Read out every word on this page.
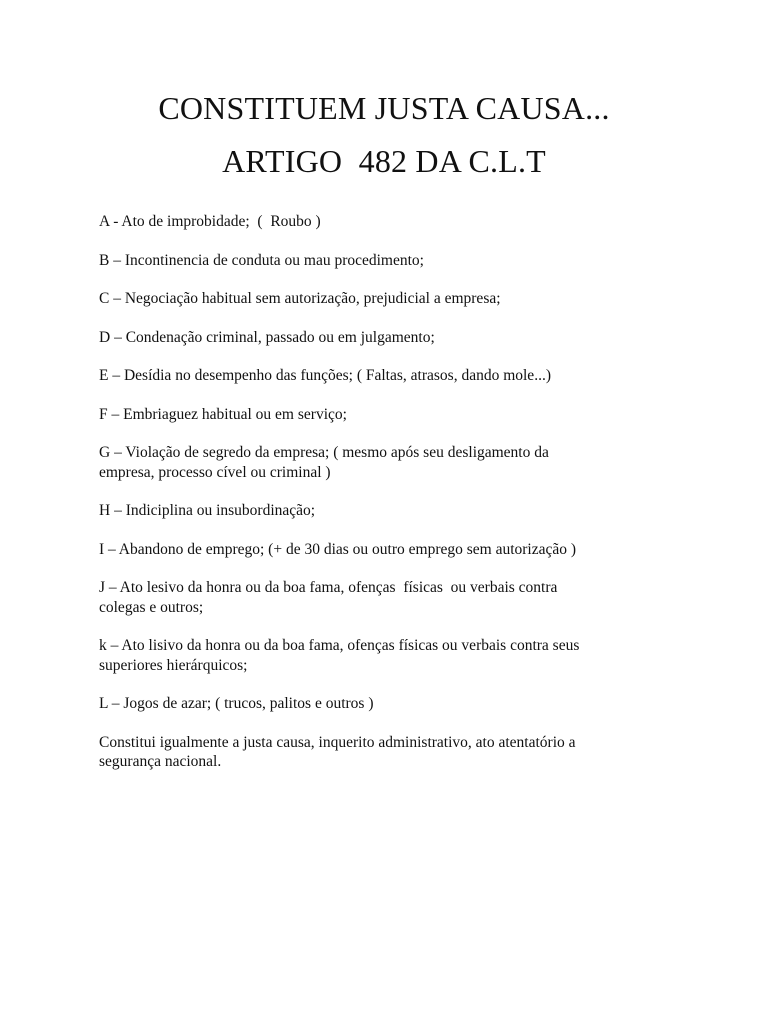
CONSTITUEM JUSTA CAUSA...
ARTIGO  482 DA C.L.T
A - Ato de improbidade;  (  Roubo )
B – Incontinencia de conduta ou mau procedimento;
C – Negociação habitual sem autorização, prejudicial a empresa;
D – Condenação criminal, passado ou em julgamento;
E – Desídia no desempenho das funções; ( Faltas, atrasos, dando mole...)
F – Embriaguez habitual ou em serviço;
G – Violação de segredo da empresa; ( mesmo após seu desligamento da
empresa, processo cível ou criminal )
H – Indiciplina ou insubordinação;
I – Abandono de emprego; (+ de 30 dias ou outro emprego sem autorização )
J – Ato lesivo da honra ou da boa fama, ofenças  físicas  ou verbais contra
colegas e outros;
k – Ato lisivo da honra ou da boa fama, ofenças físicas ou verbais contra seus
superiores hierárquicos;
L – Jogos de azar; ( trucos, palitos e outros )
Constitui igualmente a justa causa, inquerito administrativo, ato atentatório a
segurança nacional.
